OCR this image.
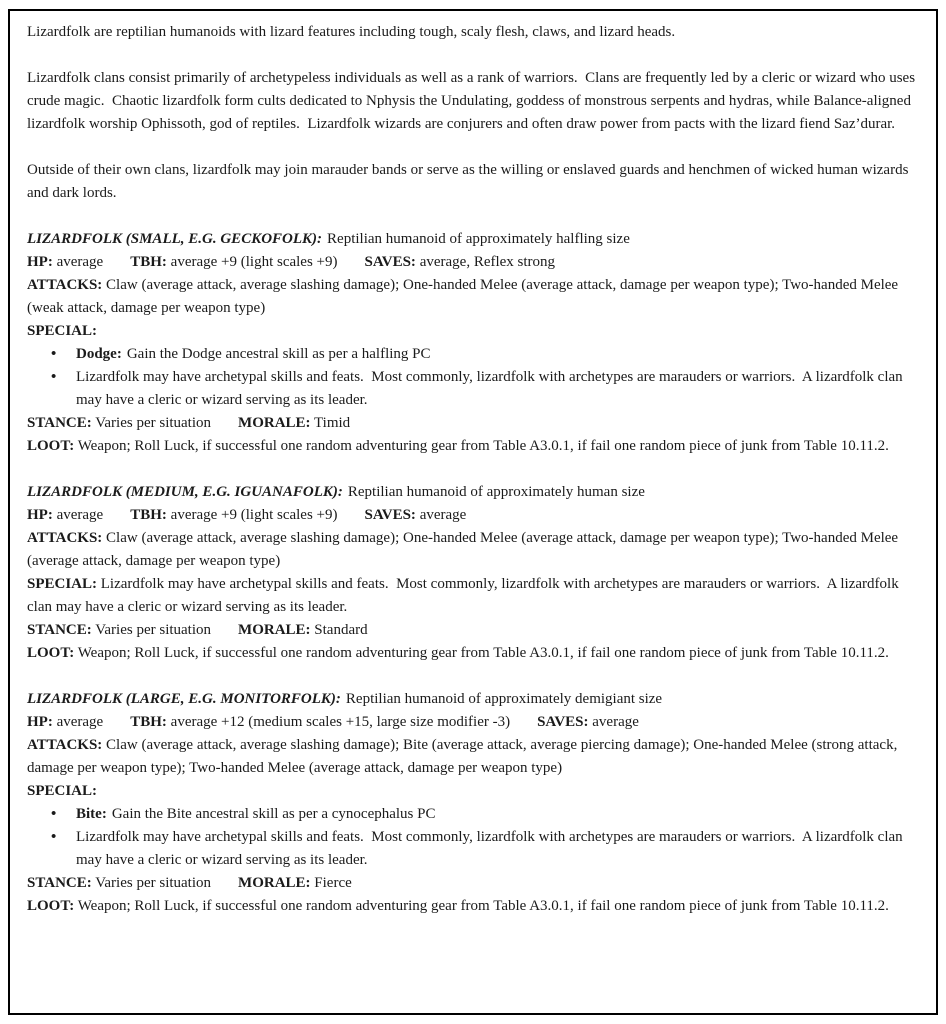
Lizardfolk are reptilian humanoids with lizard features including tough, scaly flesh, claws, and lizard heads.

Lizardfolk clans consist primarily of archetypeless individuals as well as a rank of warriors.  Clans are frequently led by a cleric or wizard who uses crude magic.  Chaotic lizardfolk form cults dedicated to Nphysis the Undulating, goddess of monstrous serpents and hydras, while Balance-aligned lizardfolk worship Ophissoth, god of reptiles.  Lizardfolk wizards are conjurers and often draw power from pacts with the lizard fiend Saz’durar.

Outside of their own clans, lizardfolk may join marauder bands or serve as the willing or enslaved guards and henchmen of wicked human wizards and dark lords.

LIZARDFOLK (SMALL, E.G. GECKOFOLK): Reptilian humanoid of approximately halfling size
HP: average TBH: average +9 (light scales +9) SAVES: average, Reflex strong
ATTACKS: Claw (average attack, average slashing damage); One-handed Melee (average attack, damage per weapon type); Two-handed Melee (weak attack, damage per weapon type)
SPECIAL:
• Dodge: Gain the Dodge ancestral skill as per a halfling PC
• Lizardfolk may have archetypal skills and feats.  Most commonly, lizardfolk with archetypes are marauders or warriors.  A lizardfolk clan may have a cleric or wizard serving as its leader.
STANCE: Varies per situation MORALE: Timid
LOOT: Weapon; Roll Luck, if successful one random adventuring gear from Table A3.0.1, if fail one random piece of junk from Table 10.11.2.
LIZARDFOLK (MEDIUM, E.G. IGUANAFOLK): Reptilian humanoid of approximately human size
HP: average TBH: average +9 (light scales +9) SAVES: average
ATTACKS: Claw (average attack, average slashing damage); One-handed Melee (average attack, damage per weapon type); Two-handed Melee (average attack, damage per weapon type)
SPECIAL: Lizardfolk may have archetypal skills and feats.  Most commonly, lizardfolk with archetypes are marauders or warriors.  A lizardfolk clan may have a cleric or wizard serving as its leader.
STANCE: Varies per situation MORALE: Standard
LOOT: Weapon; Roll Luck, if successful one random adventuring gear from Table A3.0.1, if fail one random piece of junk from Table 10.11.2.
LIZARDFOLK (LARGE, E.G. MONITORFOLK): Reptilian humanoid of approximately demigiant size
HP: average TBH: average +12 (medium scales +15, large size modifier -3) SAVES: average
ATTACKS: Claw (average attack, average slashing damage); Bite (average attack, average piercing damage); One-handed Melee (strong attack, damage per weapon type); Two-handed Melee (average attack, damage per weapon type)
SPECIAL:
• Bite: Gain the Bite ancestral skill as per a cynocephalus PC
• Lizardfolk may have archetypal skills and feats.  Most commonly, lizardfolk with archetypes are marauders or warriors.  A lizardfolk clan may have a cleric or wizard serving as its leader.
STANCE: Varies per situation MORALE: Fierce
LOOT: Weapon; Roll Luck, if successful one random adventuring gear from Table A3.0.1, if fail one random piece of junk from Table 10.11.2.
